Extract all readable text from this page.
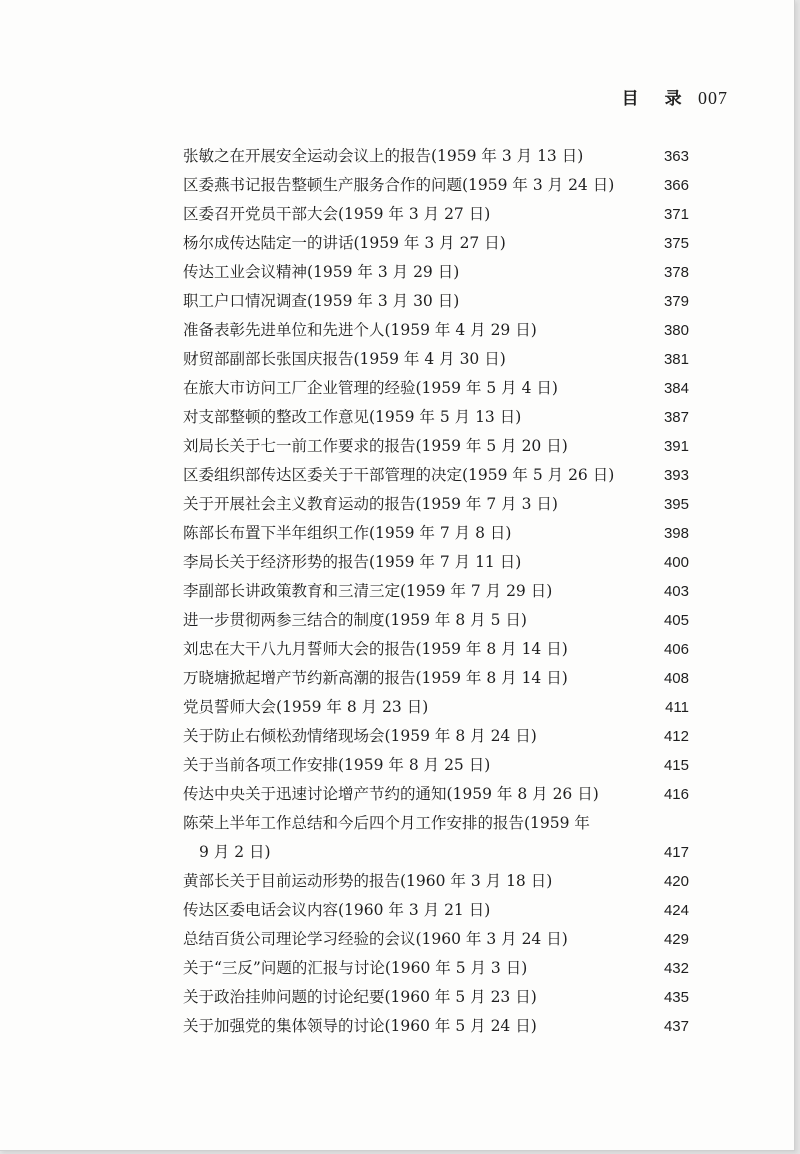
目 录 007
张敏之在开展安全运动会议上的报告(1959 年 3 月 13 日)	363
区委燕书记报告整顿生产服务合作的问题(1959 年 3 月 24 日)	366
区委召开党员干部大会(1959 年 3 月 27 日)	371
杨尔成传达陆定一的讲话(1959 年 3 月 27 日)	375
传达工业会议精神(1959 年 3 月 29 日)	378
职工户口情况调查(1959 年 3 月 30 日)	379
准备表彰先进单位和先进个人(1959 年 4 月 29 日)	380
财贸部副部长张国庆报告(1959 年 4 月 30 日)	381
在旅大市访问工厂企业管理的经验(1959 年 5 月 4 日)	384
对支部整顿的整改工作意见(1959 年 5 月 13 日)	387
刘局长关于七一前工作要求的报告(1959 年 5 月 20 日)	391
区委组织部传达区委关于干部管理的决定(1959 年 5 月 26 日)	393
关于开展社会主义教育运动的报告(1959 年 7 月 3 日)	395
陈部长布置下半年组织工作(1959 年 7 月 8 日)	398
李局长关于经济形势的报告(1959 年 7 月 11 日)	400
李副部长讲政策教育和三清三定(1959 年 7 月 29 日)	403
进一步贯彻两参三结合的制度(1959 年 8 月 5 日)	405
刘忠在大干八九月誓师大会的报告(1959 年 8 月 14 日)	406
万晓塘掀起增产节约新高潮的报告(1959 年 8 月 14 日)	408
党员誓师大会(1959 年 8 月 23 日)	411
关于防止右倾松劲情绪现场会(1959 年 8 月 24 日)	412
关于当前各项工作安排(1959 年 8 月 25 日)	415
传达中央关于迅速讨论增产节约的通知(1959 年 8 月 26 日)	416
陈荣上半年工作总结和今后四个月工作安排的报告(1959 年
9 月 2 日)	417
黄部长关于目前运动形势的报告(1960 年 3 月 18 日)	420
传达区委电话会议内容(1960 年 3 月 21 日)	424
总结百货公司理论学习经验的会议(1960 年 3 月 24 日)	429
关于“三反”问题的汇报与讨论(1960 年 5 月 3 日)	432
关于政治挂帅问题的讨论纪要(1960 年 5 月 23 日)	435
关于加强党的集体领导的讨论(1960 年 5 月 24 日)	437
